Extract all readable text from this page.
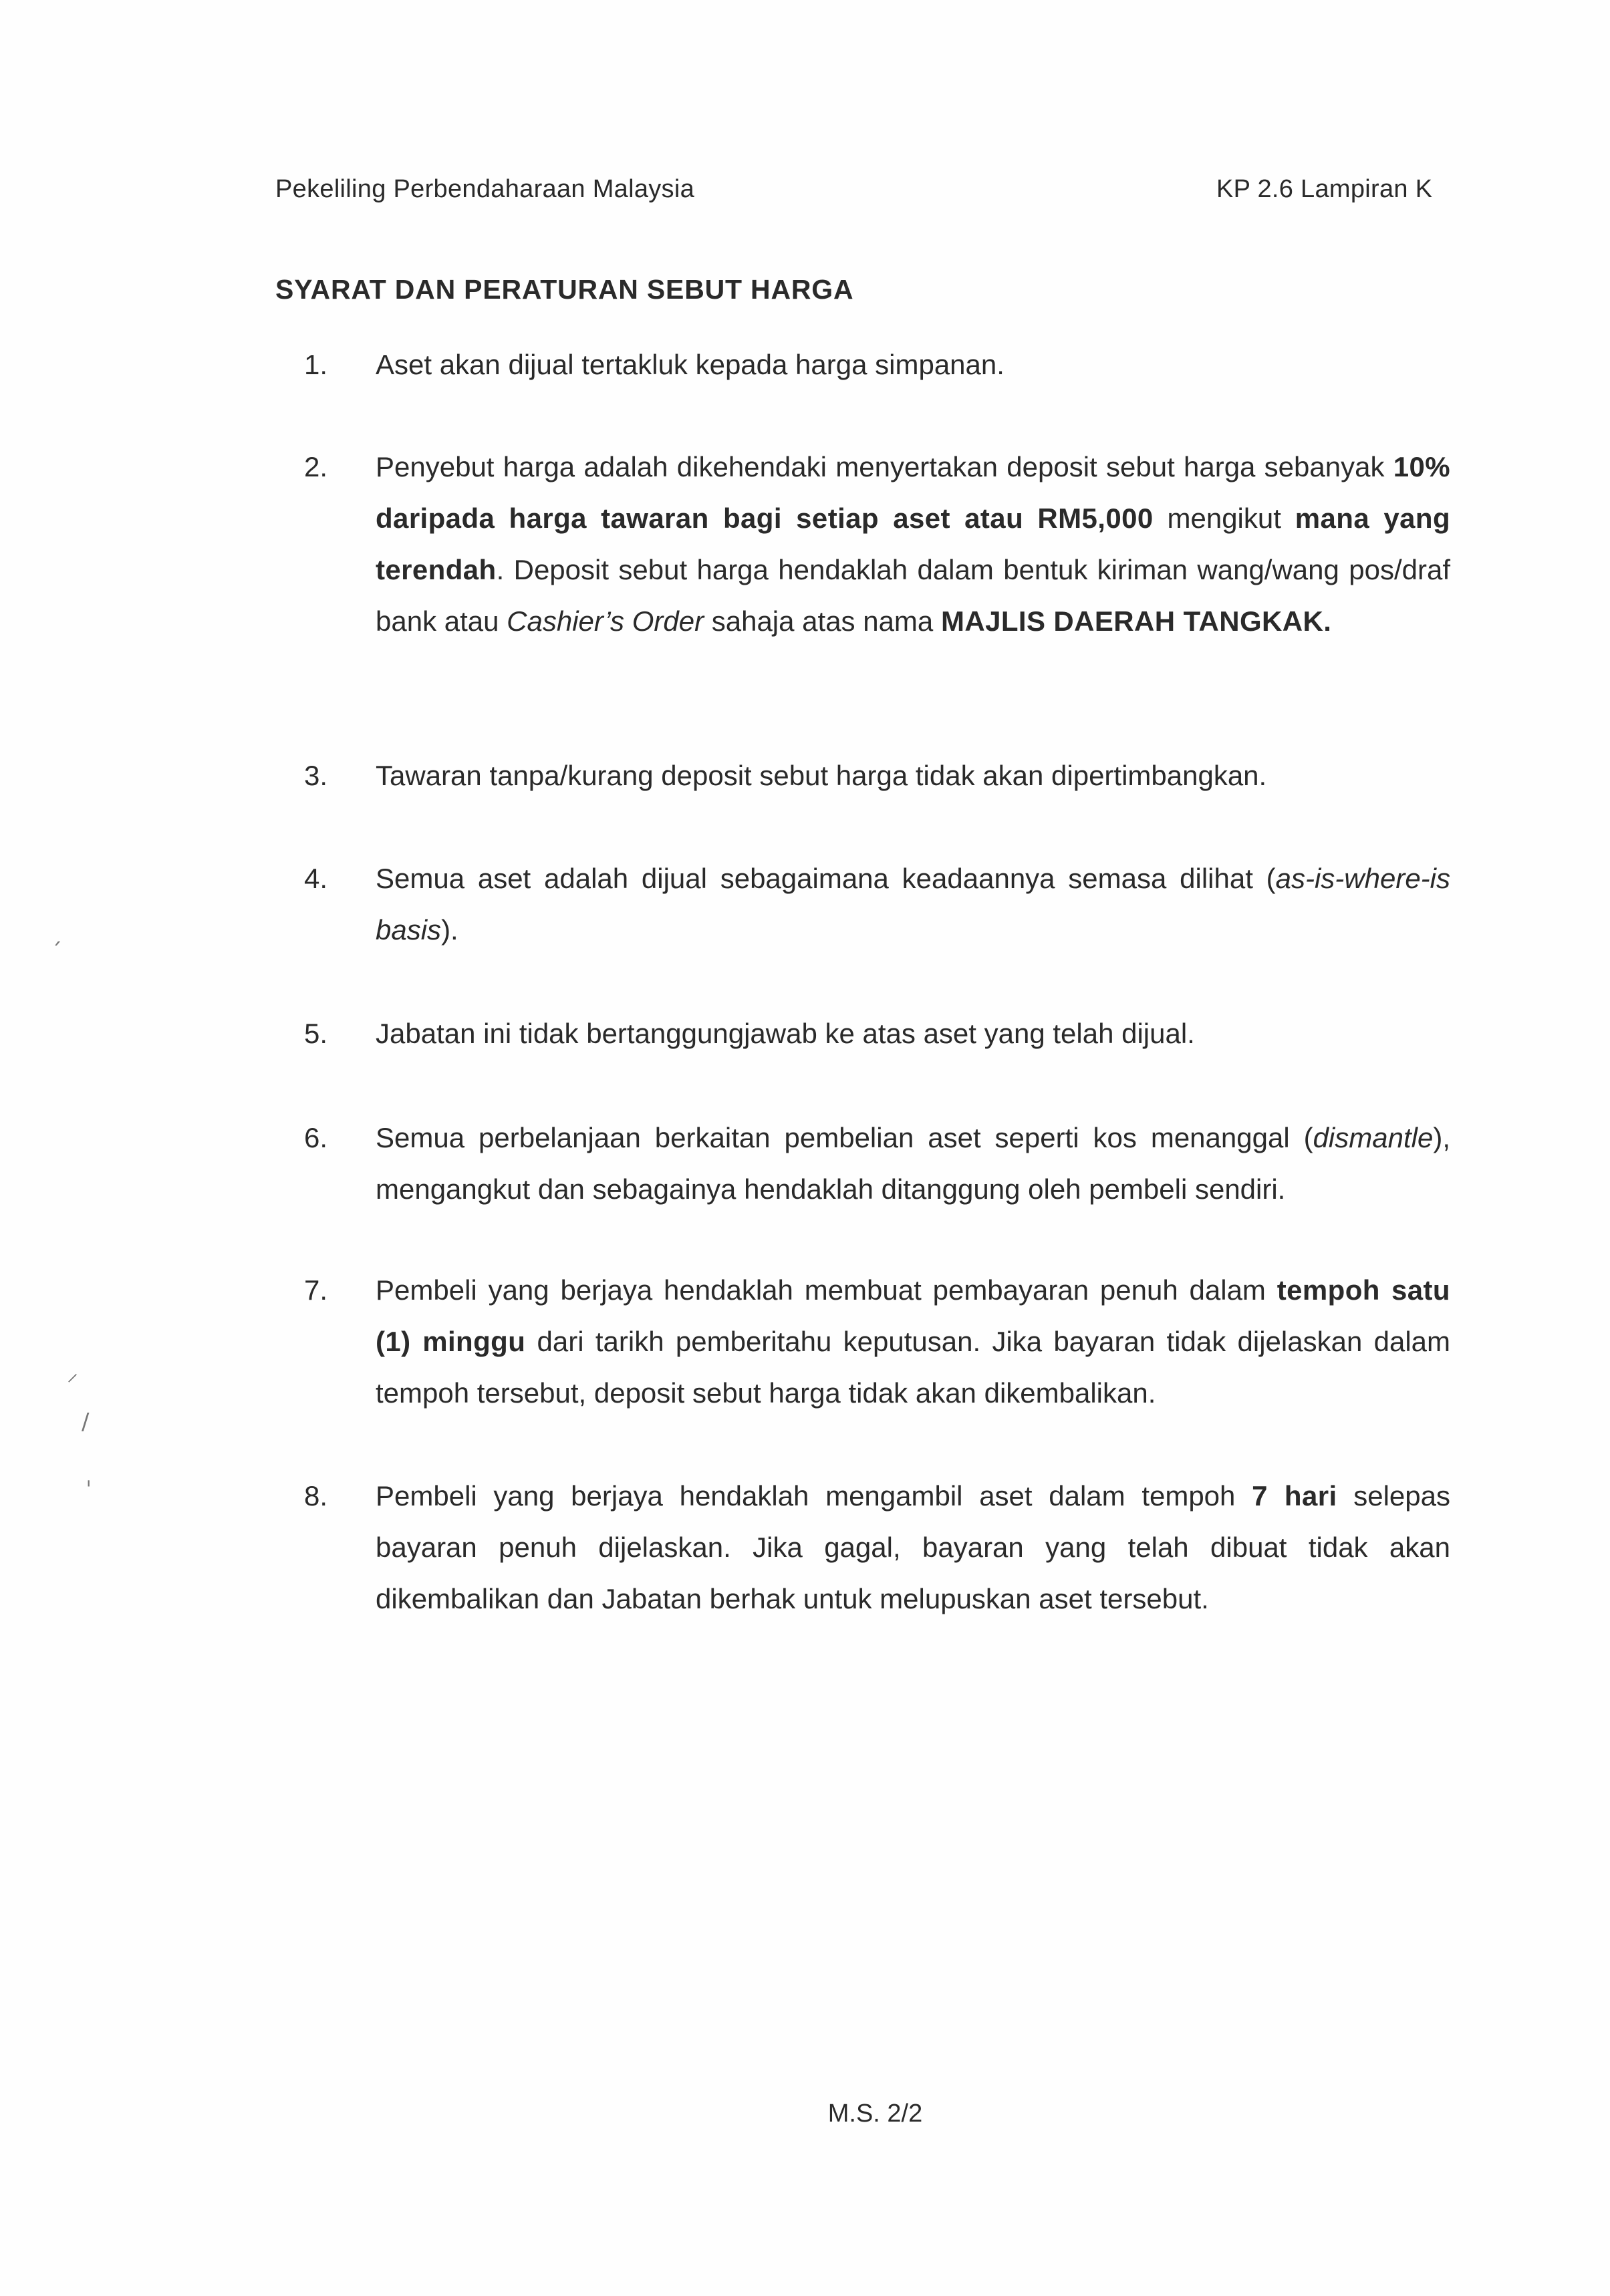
Pekeliling Perbendaharaan Malaysia	KP 2.6 Lampiran K
SYARAT DAN PERATURAN SEBUT HARGA
1. Aset akan dijual tertakluk kepada harga simpanan.
2. Penyebut harga adalah dikehendaki menyertakan deposit sebut harga sebanyak 10% daripada harga tawaran bagi setiap aset atau RM5,000 mengikut mana yang terendah. Deposit sebut harga hendaklah dalam bentuk kiriman wang/wang pos/draf bank atau Cashier’s Order sahaja atas nama MAJLIS DAERAH TANGKAK.
3. Tawaran tanpa/kurang deposit sebut harga tidak akan dipertimbangkan.
4. Semua aset adalah dijual sebagaimana keadaannya semasa dilihat (as-is-where-is basis).
5. Jabatan ini tidak bertanggungjawab ke atas aset yang telah dijual.
6. Semua perbelanjaan berkaitan pembelian aset seperti kos menanggal (dismantle), mengangkut dan sebagainya hendaklah ditanggung oleh pembeli sendiri.
7. Pembeli yang berjaya hendaklah membuat pembayaran penuh dalam tempoh satu (1) minggu dari tarikh pemberitahu keputusan. Jika bayaran tidak dijelaskan dalam tempoh tersebut, deposit sebut harga tidak akan dikembalikan.
8. Pembeli yang berjaya hendaklah mengambil aset dalam tempoh 7 hari selepas bayaran penuh dijelaskan. Jika gagal, bayaran yang telah dibuat tidak akan dikembalikan dan Jabatan berhak untuk melupuskan aset tersebut.
M.S. 2/2
´
⸝
/
ˈ
